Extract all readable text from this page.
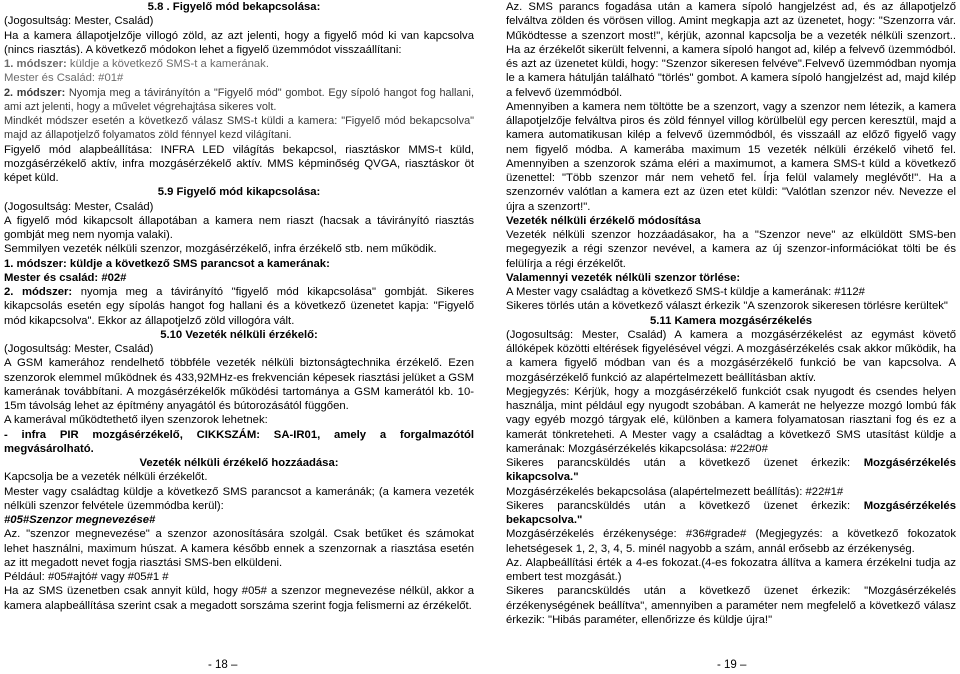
5.8 . Figyelő mód bekapcsolása:

(Jogosultság: Mester, Család)

Ha a kamera állapotjelzője villogó zöld, az azt jelenti, hogy a figyelő mód ki van kapcsolva (nincs riasztás). A következő módokon lehet a figyelő üzemmódot visszaállítani:

1. módszer: küldje a következő SMS-t a kamerának.

Mester és Család: #01#

2. módszer: Nyomja meg a távirányítón a "Figyelő mód" gombot. Egy sípoló hangot fog hallani, ami azt jelenti, hogy a művelet végrehajtása sikeres volt.

Mindkét módszer esetén a következő válasz SMS-t küldi a kamera: "Figyelő mód bekapcsolva" majd az állapotjelző folyamatos zöld fénnyel kezd világítani.

Figyelő mód alapbeállítása: INFRA LED világítás bekapcsol, riasztáskor MMS-t küld, mozgásérzékelő aktív, infra mozgásérzékelő aktív. MMS képminőség QVGA, riasztáskor öt képet küld.

5.9 Figyelő mód kikapcsolása:

(Jogosultság: Mester, Család)

A figyelő mód kikapcsolt állapotában a kamera nem riaszt (hacsak a távirányító riasztás gombját meg nem nyomja valaki).

Semmilyen vezeték nélküli szenzor, mozgásérzékelő, infra érzékelő stb. nem működik.

1. módszer: küldje a következő SMS parancsot a kamerának:

Mester és család: #02#

2. módszer: nyomja meg a távirányító "figyelő mód kikapcsolása" gombját. Sikeres kikapcsolás esetén egy sípolás hangot fog hallani és a következő üzenetet kapja: "Figyelő mód kikapcsolva". Ekkor az állapotjelző zöld villogóra vált.

5.10 Vezeték nélküli érzékelő:

(Jogosultság: Mester, Család)

A GSM kamerához rendelhető többféle vezeték nélküli biztonságtechnika érzékelő. Ezen szenzorok elemmel működnek és 433,92MHz-es frekvencián képesek riasztási jelüket a GSM kamerának továbbítani. A mozgásérzékelők működési tartománya a GSM kamerától kb. 10-15m távolság lehet az építmény anyagától és bútorozásától függően.

A kamerával működtethető ilyen szenzorok lehetnek:

- infra PIR mozgásérzékelő, CIKKSZÁM: SA-IR01, amely a forgalmazótól megvásárolható.

Vezeték nélküli érzékelő hozzáadása:

Kapcsolja be a vezeték nélküli érzékelőt.

Mester vagy családtag küldje a következő SMS parancsot a kameránák; (a kamera vezeték nélküli szenzor felvétele üzemmódba kerül):

#05#Szenzor megnevezése#

Az. "szenzor megnevezése" a szenzor azonosítására szolgál. Csak betűket és számokat lehet használni, maximum húszat. A kamera később ennek a szenzornak a riasztása esetén az itt megadott nevet fogja riasztási SMS-ben elküldeni.

Például: #05#ajtó# vagy #05#1 #

Ha az SMS üzenetben csak annyit küld, hogy #05# a szenzor megnevezése nélkül, akkor a kamera alapbeállítása szerint csak a megadott sorszáma szerint fogja felismerni az érzékelőt.

Az. SMS parancs fogadása után a kamera sípoló hangjelzést ad, és az állapotjelző felváltva zölden és vörösen villog. Amint megkapja azt az üzenetet, hogy: "Szenzorra vár. Működtesse a szenzort most!", kérjük, azonnal kapcsolja be a vezeték nélküli szenzort.. Ha az érzékelőt sikerült felvenni, a kamera sípoló hangot ad, kilép a felvevő üzemmódból. és azt az üzenetet küldi, hogy: "Szenzor sikeresen felvéve".Felvevő üzemmódban nyomja le a kamera hátulján található "törlés" gombot. A kamera sípoló hangjelzést ad, majd kilép a felvevő üzemmódból.

Amennyiben a kamera nem töltötte be a szenzort, vagy a szenzor nem létezik, a kamera állapotjelzője felváltva piros és zöld fénnyel villog körülbelül egy percen keresztül, majd a kamera automatikusan kilép a felvevő üzemmódból, és visszaáll az előző figyelő vagy nem figyelő módba. A kamerába maximum 15 vezeték nélküli érzékelő vihető fel. Amennyiben a szenzorok száma eléri a maximumot, a kamera SMS-t küld a következő üzenettel: "Több szenzor már nem vehető fel. Írja felül valamely meglévőt!". Ha a szenzornév valótlan a kamera ezt az üzen etet küldi: "Valótlan szenzor név. Nevezze el újra a szenzort!".

Vezeték nélküli érzékelő módosítása

Vezeték nélküli szenzor hozzáadásakor, ha a "Szenzor neve" az elküldött SMS-ben megegyezik a régi szenzor nevével, a kamera az új szenzor-információkat tölti be és felülírja a régi érzékelőt.

Valamennyi vezeték nélküli szenzor törlése:

A Mester vagy családtag a következő SMS-t küldje a kamerának: #112#

Sikeres törlés után a következő választ érkezik "A szenzorok sikeresen törlésre kerültek"

5.11 Kamera mozgásérzékelés

(Jogosultság: Mester, Család) A kamera a mozgásérzékelést az egymást követő állóképek közötti eltérések figyelésével végzi. A mozgásérzékelés csak akkor működik, ha a kamera figyelő módban van és a mozgásérzékelő funkció be van kapcsolva. A mozgásérzékelő funkció az alapértelmezett beállításban aktív.

Megjegyzés: Kérjük, hogy a mozgásérzékelő funkciót csak nyugodt és csendes helyen használja, mint például egy nyugodt szobában. A kamerát ne helyezze mozgó lombú fák vagy egyéb mozgó tárgyak elé, különben a kamera folyamatosan riasztani fog és ez a kamerát tönkreteheti. A Mester vagy a családtag a következő SMS utasítást küldje a kamerának: Mozgásérzékelés kikapcsolása: #22#0#

Sikeres parancsküldés után a következő üzenet érkezik: Mozgásérzékelés kikapcsolva."

Mozgásérzékelés bekapcsolása (alapértelmezett beállítás): #22#1#

Sikeres parancsküldés után a következő üzenet érkezik: Mozgásérzékelés bekapcsolva."

Mozgásérzékelés érzékenysége: #36#grade# (Megjegyzés: a következő fokozatok lehetségesek 1, 2, 3, 4, 5. minél nagyobb a szám, annál erősebb az érzékenység.

Az. Alapbeállítási érték a 4-es fokozat.(4-es fokozatra állítva a kamera érzékelni tudja az embert test mozgását.)

Sikeres parancsküldés után a következő üzenet érkezik: "Mozgásérzékelés érzékenységének beállítva", amennyiben a paraméter nem megfelelő a következő válasz érkezik: "Hibás paraméter, ellenőrizze és küldje újra!"

- 18 –	- 19 –
